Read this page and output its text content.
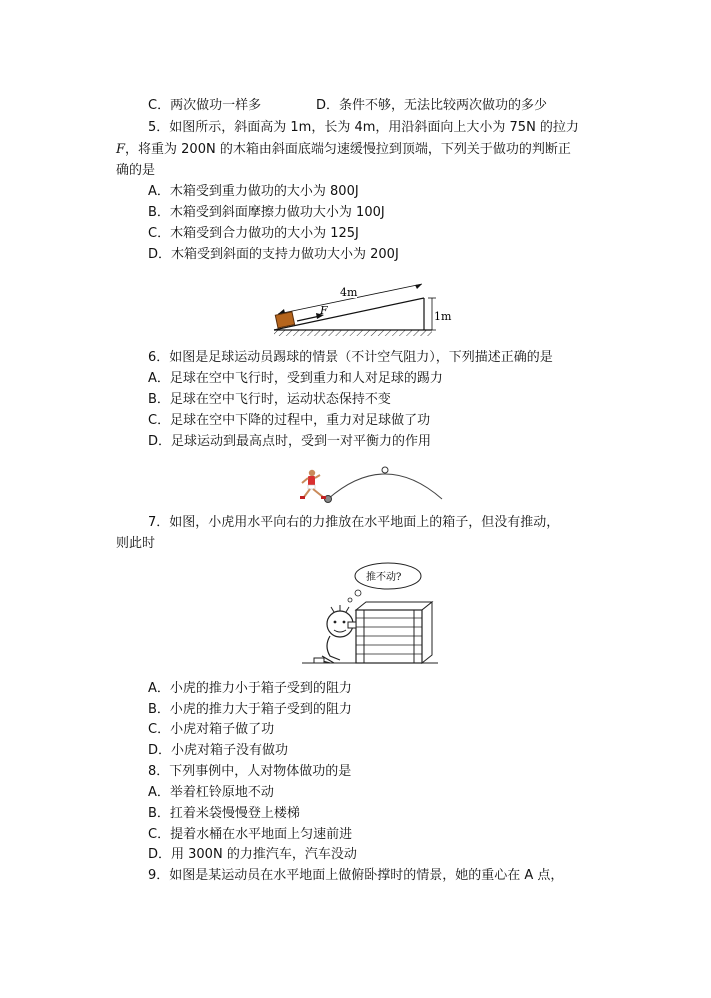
C．两次做功一样多	D．条件不够，无法比较两次做功的多少
5．如图所示，斜面高为 1m，长为 4m，用沿斜面向上大小为 75N 的拉力
F，将重为 200N 的木箱由斜面底端匀速缓慢拉到顶端，下列关于做功的判断正
确的是
A．木箱受到重力做功的大小为 800J
B．木箱受到斜面摩擦力做功大小为 100J
C．木箱受到合力做功的大小为 125J
D．木箱受到斜面的支持力做功大小为 200J
4m
1m
F
6．如图是足球运动员踢球的情景（不计空气阻力），下列描述正确的是
A．足球在空中飞行时，受到重力和人对足球的踢力
B．足球在空中飞行时，运动状态保持不变
C．足球在空中下降的过程中，重力对足球做了功
D．足球运动到最高点时，受到一对平衡力的作用
7．如图，小虎用水平向右的力推放在水平地面上的箱子，但没有推动，
则此时
推不动?
A．小虎的推力小于箱子受到的阻力
B．小虎的推力大于箱子受到的阻力
C．小虎对箱子做了功
D．小虎对箱子没有做功
8．下列事例中，人对物体做功的是
A．举着杠铃原地不动
B．扛着米袋慢慢登上楼梯
C．提着水桶在水平地面上匀速前进
D．用 300N 的力推汽车，汽车没动
9．如图是某运动员在水平地面上做俯卧撑时的情景，她的重心在 A 点，
